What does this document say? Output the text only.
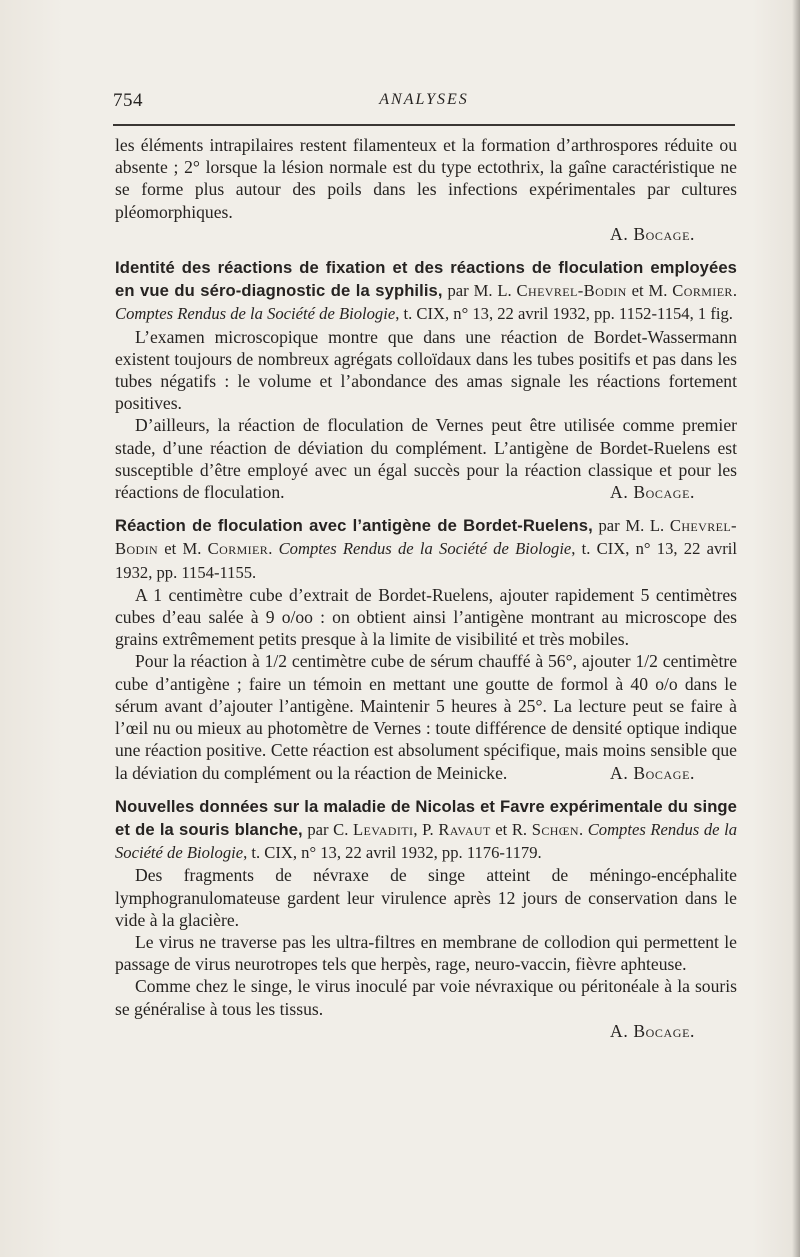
754	ANALYSES

les éléments intrapilaires restent filamenteux et la formation d’arthrospores réduite ou absente ; 2° lorsque la lésion normale est du type ectothrix, la gaîne caractéristique ne se forme plus autour des poils dans les infections expérimentales par cultures pléomorphiques.

A. Bocage.

Identité des réactions de fixation et des réactions de floculation employées en vue du séro-diagnostic de la syphilis, par M. L. Chevrel-Bodin et M. Cormier. Comptes Rendus de la Société de Biologie, t. CIX, n° 13, 22 avril 1932, pp. 1152-1154, 1 fig.

L’examen microscopique montre que dans une réaction de Bordet-Wassermann existent toujours de nombreux agrégats colloïdaux dans les tubes positifs et pas dans les tubes négatifs : le volume et l’abondance des amas signale les réactions fortement positives.

D’ailleurs, la réaction de floculation de Vernes peut être utilisée comme premier stade, d’une réaction de déviation du complément. L’antigène de Bordet-Ruelens est susceptible d’être employé avec un égal succès pour la réaction classique et pour les réactions de floculation.	A. Bocage.

Réaction de floculation avec l’antigène de Bordet-Ruelens, par M. L. Chevrel-Bodin et M. Cormier. Comptes Rendus de la Société de Biologie, t. CIX, n° 13, 22 avril 1932, pp. 1154-1155.

A 1 centimètre cube d’extrait de Bordet-Ruelens, ajouter rapidement 5 centimètres cubes d’eau salée à 9 o/oo : on obtient ainsi l’antigène montrant au microscope des grains extrêmement petits presque à la limite de visibilité et très mobiles.

Pour la réaction à 1/2 centimètre cube de sérum chauffé à 56°, ajouter 1/2 centimètre cube d’antigène ; faire un témoin en mettant une goutte de formol à 40 o/o dans le sérum avant d’ajouter l’antigène. Maintenir 5 heures à 25°. La lecture peut se faire à l’œil nu ou mieux au photomètre de Vernes : toute différence de densité optique indique une réaction positive. Cette réaction est absolument spécifique, mais moins sensible que la déviation du complément ou la réaction de Meinicke.	A. Bocage.

Nouvelles données sur la maladie de Nicolas et Favre expérimentale du singe et de la souris blanche, par C. Levaditi, P. Ravaut et R. Schœn. Comptes Rendus de la Société de Biologie, t. CIX, n° 13, 22 avril 1932, pp. 1176-1179.

Des fragments de névraxe de singe atteint de méningo-encéphalite lymphogranulomateuse gardent leur virulence après 12 jours de conservation dans le vide à la glacière.

Le virus ne traverse pas les ultra-filtres en membrane de collodion qui permettent le passage de virus neurotropes tels que herpès, rage, neuro-vaccin, fièvre aphteuse.

Comme chez le singe, le virus inoculé par voie névraxique ou péritonéale à la souris se généralise à tous les tissus.

A. Bocage.
